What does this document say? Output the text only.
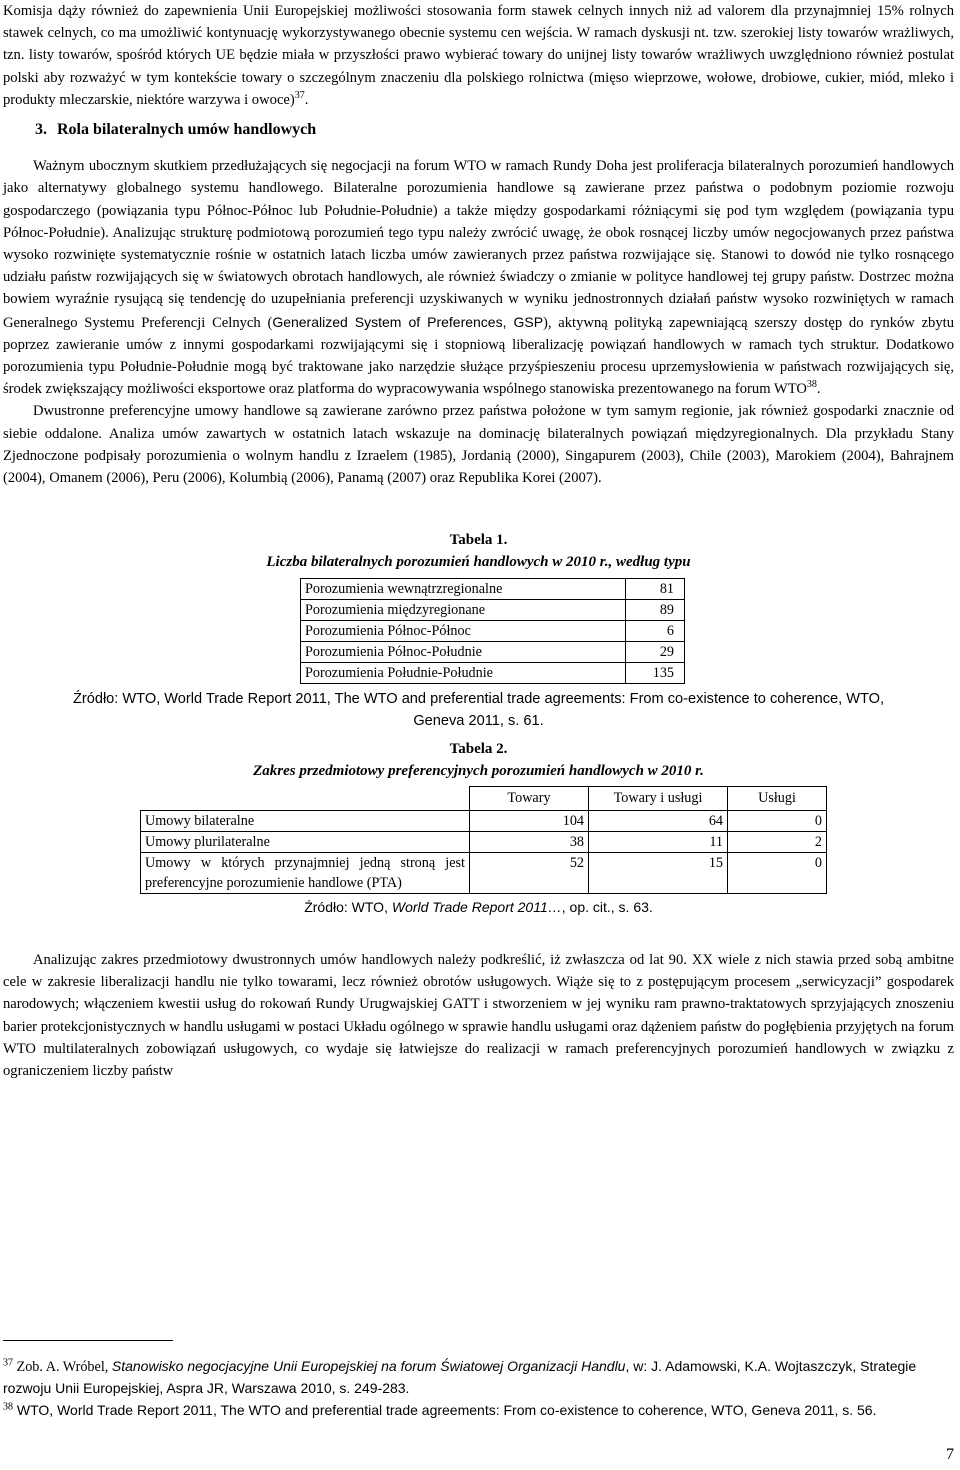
Komisja dąży również do zapewnienia Unii Europejskiej możliwości stosowania form stawek celnych innych niż ad valorem dla przynajmniej 15% rolnych stawek celnych, co ma umożliwić kontynuację wykorzystywanego obecnie systemu cen wejścia. W ramach dyskusji nt. tzw. szerokiej listy towarów wrażliwych, tzn. listy towarów, spośród których UE będzie miała w przyszłości prawo wybierać towary do unijnej listy towarów wrażliwych uwzględniono również postulat polski aby rozważyć w tym kontekście towary o szczególnym znaczeniu dla polskiego rolnictwa (mięso wieprzowe, wołowe, drobiowe, cukier, miód, mleko i produkty mleczarskie, niektóre warzywa i owoce)$^{37}$.

3. Rola bilateralnych umów handlowych

Ważnym ubocznym skutkiem przedłużających się negocjacji na forum WTO w ramach Rundy Doha jest proliferacja bilateralnych porozumień handlowych jako alternatywy globalnego systemu handlowego. Bilateralne porozumienia handlowe są zawierane przez państwa o podobnym poziomie rozwoju gospodarczego (powiązania typu Północ-Północ lub Południe-Południe) a także między gospodarkami różniącymi się pod tym względem (powiązania typu Północ-Południe). Analizując strukturę podmiotową porozumień tego typu należy zwrócić uwagę, że obok rosnącej liczby umów negocjowanych przez państwa wysoko rozwinięte systematycznie rośnie w ostatnich latach liczba umów zawieranych przez państwa rozwijające się. Stanowi to dowód nie tylko rosnącego udziału państw rozwijających się w światowych obrotach handlowych, ale również świadczy o zmianie w polityce handlowej tej grupy państw. Dostrzec można bowiem wyraźnie rysującą się tendencję do uzupełniania preferencji uzyskiwanych w wyniku jednostronnych działań państw wysoko rozwiniętych w ramach Generalnego Systemu Preferencji Celnych (Generalized System of Preferences, GSP), aktywną polityką zapewniającą szerszy dostęp do rynków zbytu poprzez zawieranie umów z innymi gospodarkami rozwijającymi się i stopniową liberalizację powiązań handlowych w ramach tych struktur. Dodatkowo porozumienia typu Południe-Południe mogą być traktowane jako narzędzie służące przyśpieszeniu procesu uprzemysłowienia w państwach rozwijających się, środek zwiększający możliwości eksportowe oraz platforma do wypracowywania wspólnego stanowiska prezentowanego na forum WTO$^{38}$.

Dwustronne preferencyjne umowy handlowe są zawierane zarówno przez państwa położone w tym samym regionie, jak również gospodarki znacznie od siebie oddalone. Analiza umów zawartych w ostatnich latach wskazuje na dominację bilateralnych powiązań międzyregionalnych. Dla przykładu Stany Zjednoczone podpisały porozumienia o wolnym handlu z Izraelem (1985), Jordanią (2000), Singapurem (2003), Chile (2003), Marokiem (2004), Bahrajnem (2004), Omanem (2006), Peru (2006), Kolumbią (2006), Panamą (2007) oraz Republika Korei (2007).

Tabela 1.
Liczba bilateralnych porozumień handlowych w 2010 r., według typu
Porozumienia wewnątrzregionalne	81
Porozumienia międzyregionane	89
Porozumienia Północ-Północ	6
Porozumienia Północ-Południe	29
Porozumienia Południe-Południe	135
Źródło: WTO, World Trade Report 2011, The WTO and preferential trade agreements: From co-existence to coherence, WTO, Geneva 2011, s. 61.
Tabela 2.
Zakres przedmiotowy preferencyjnych porozumień handlowych w 2010 r.
	Towary	Towary i usługi	Usługi
Umowy bilateralne	104	64	0
Umowy plurilateralne	38	11	2
Umowy w których przynajmniej jedną stroną jest preferencyjne porozumienie handlowe (PTA)	52	15	0
Źródło: WTO, World Trade Report 2011…, op. cit., s. 63.

Analizując zakres przedmiotowy dwustronnych umów handlowych należy podkreślić, iż zwłaszcza od lat 90. XX wiele z nich stawia przed sobą ambitne cele w zakresie liberalizacji handlu nie tylko towarami, lecz również obrotów usługowych. Wiąże się to z postępującym procesem „serwicyzacji” gospodarek narodowych; włączeniem kwestii usług do rokowań Rundy Urugwajskiej GATT i stworzeniem w jej wyniku ram prawno-traktatowych sprzyjających znoszeniu barier protekcjonistycznych w handlu usługami w postaci Układu ogólnego w sprawie handlu usługami oraz dążeniem państw do pogłębienia przyjętych na forum WTO multilateralnych zobowiązań usługowych, co wydaje się łatwiejsze do realizacji w ramach preferencyjnych porozumień handlowych w związku z ograniczeniem liczby państw

$^{37}$ Zob. A. Wróbel, Stanowisko negocjacyjne Unii Europejskiej na forum Światowej Organizacji Handlu, w: J. Adamowski, K.A. Wojtaszczyk, Strategie rozwoju Unii Europejskiej, Aspra JR, Warszawa 2010, s. 249-283.

$^{38}$ WTO, World Trade Report 2011, The WTO and preferential trade agreements: From co-existence to coherence, WTO, Geneva 2011, s. 56.

7
